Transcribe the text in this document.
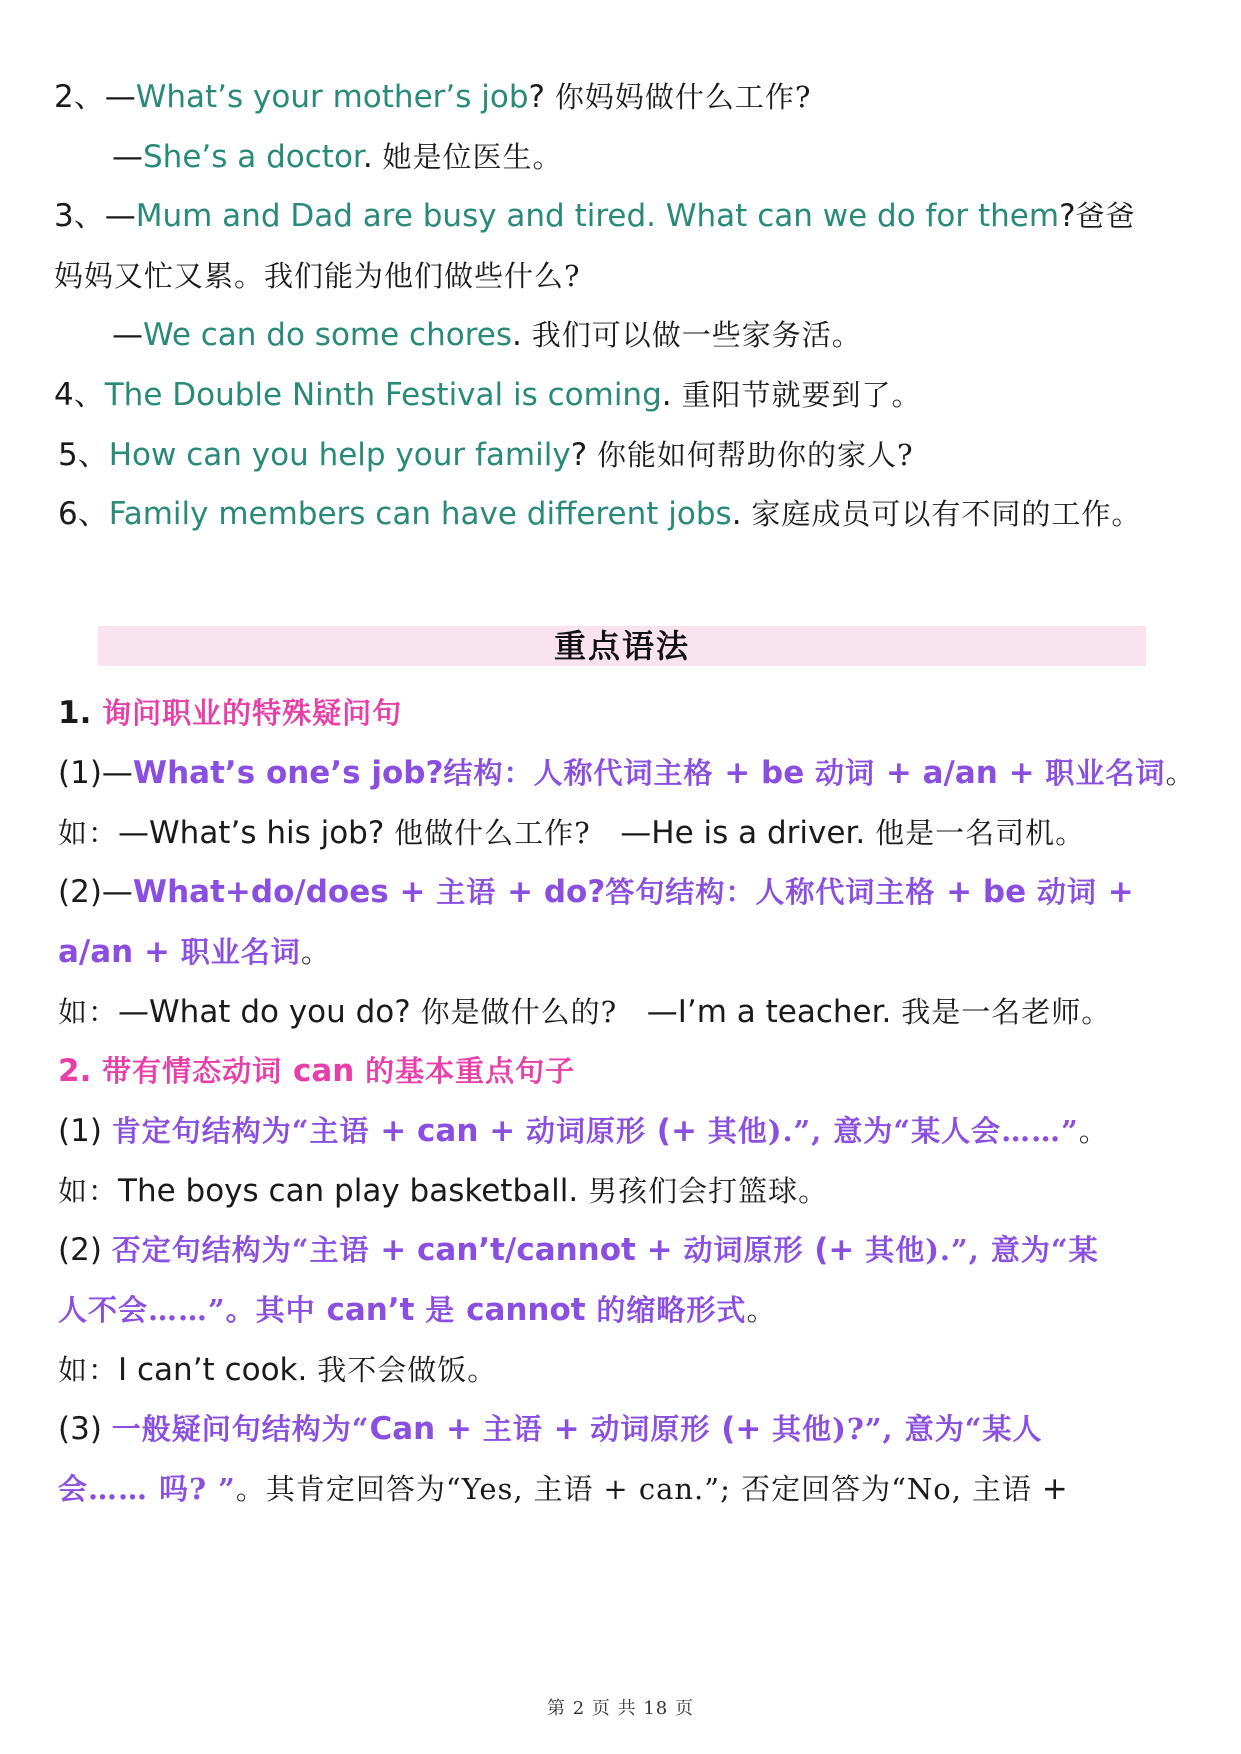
2、—What’s your mother’s job? 你妈妈做什么工作?
—She’s a doctor. 她是位医生。
3、—Mum and Dad are busy and tired. What can we do for them?爸爸
妈妈又忙又累。我们能为他们做些什么?
—We can do some chores. 我们可以做一些家务活。
4、The Double Ninth Festival is coming. 重阳节就要到了。
5、How can you help your family? 你能如何帮助你的家人?
6、Family members can have different jobs. 家庭成员可以有不同的工作。
重点语法
1. 询问职业的特殊疑问句
(1)—What’s one’s job?结构：人称代词主格 + be 动词 + a/an + 职业名词。
如：—What’s his job? 他做什么工作? —He is a driver. 他是一名司机。
(2)—What+do/does + 主语 + do?答句结构：人称代词主格 + be 动词 +
a/an + 职业名词。
如：—What do you do? 你是做什么的? —I’m a teacher. 我是一名老师。
2. 带有情态动词 can 的基本重点句子
(1) 肯定句结构为“主语 + can + 动词原形 (+ 其他).”, 意为“某人会……”。
如：The boys can play basketball. 男孩们会打篮球。
(2) 否定句结构为“主语 + can’t/cannot + 动词原形 (+ 其他).”, 意为“某
人不会……”。其中 can’t 是 cannot 的缩略形式。
如：I can’t cook. 我不会做饭。
(3) 一般疑问句结构为“Can + 主语 + 动词原形 (+ 其他)?”, 意为“某人
会…… 吗? ”。其肯定回答为“Yes, 主语 + can.”; 否定回答为“No, 主语 +
第 2 页 共 18 页
